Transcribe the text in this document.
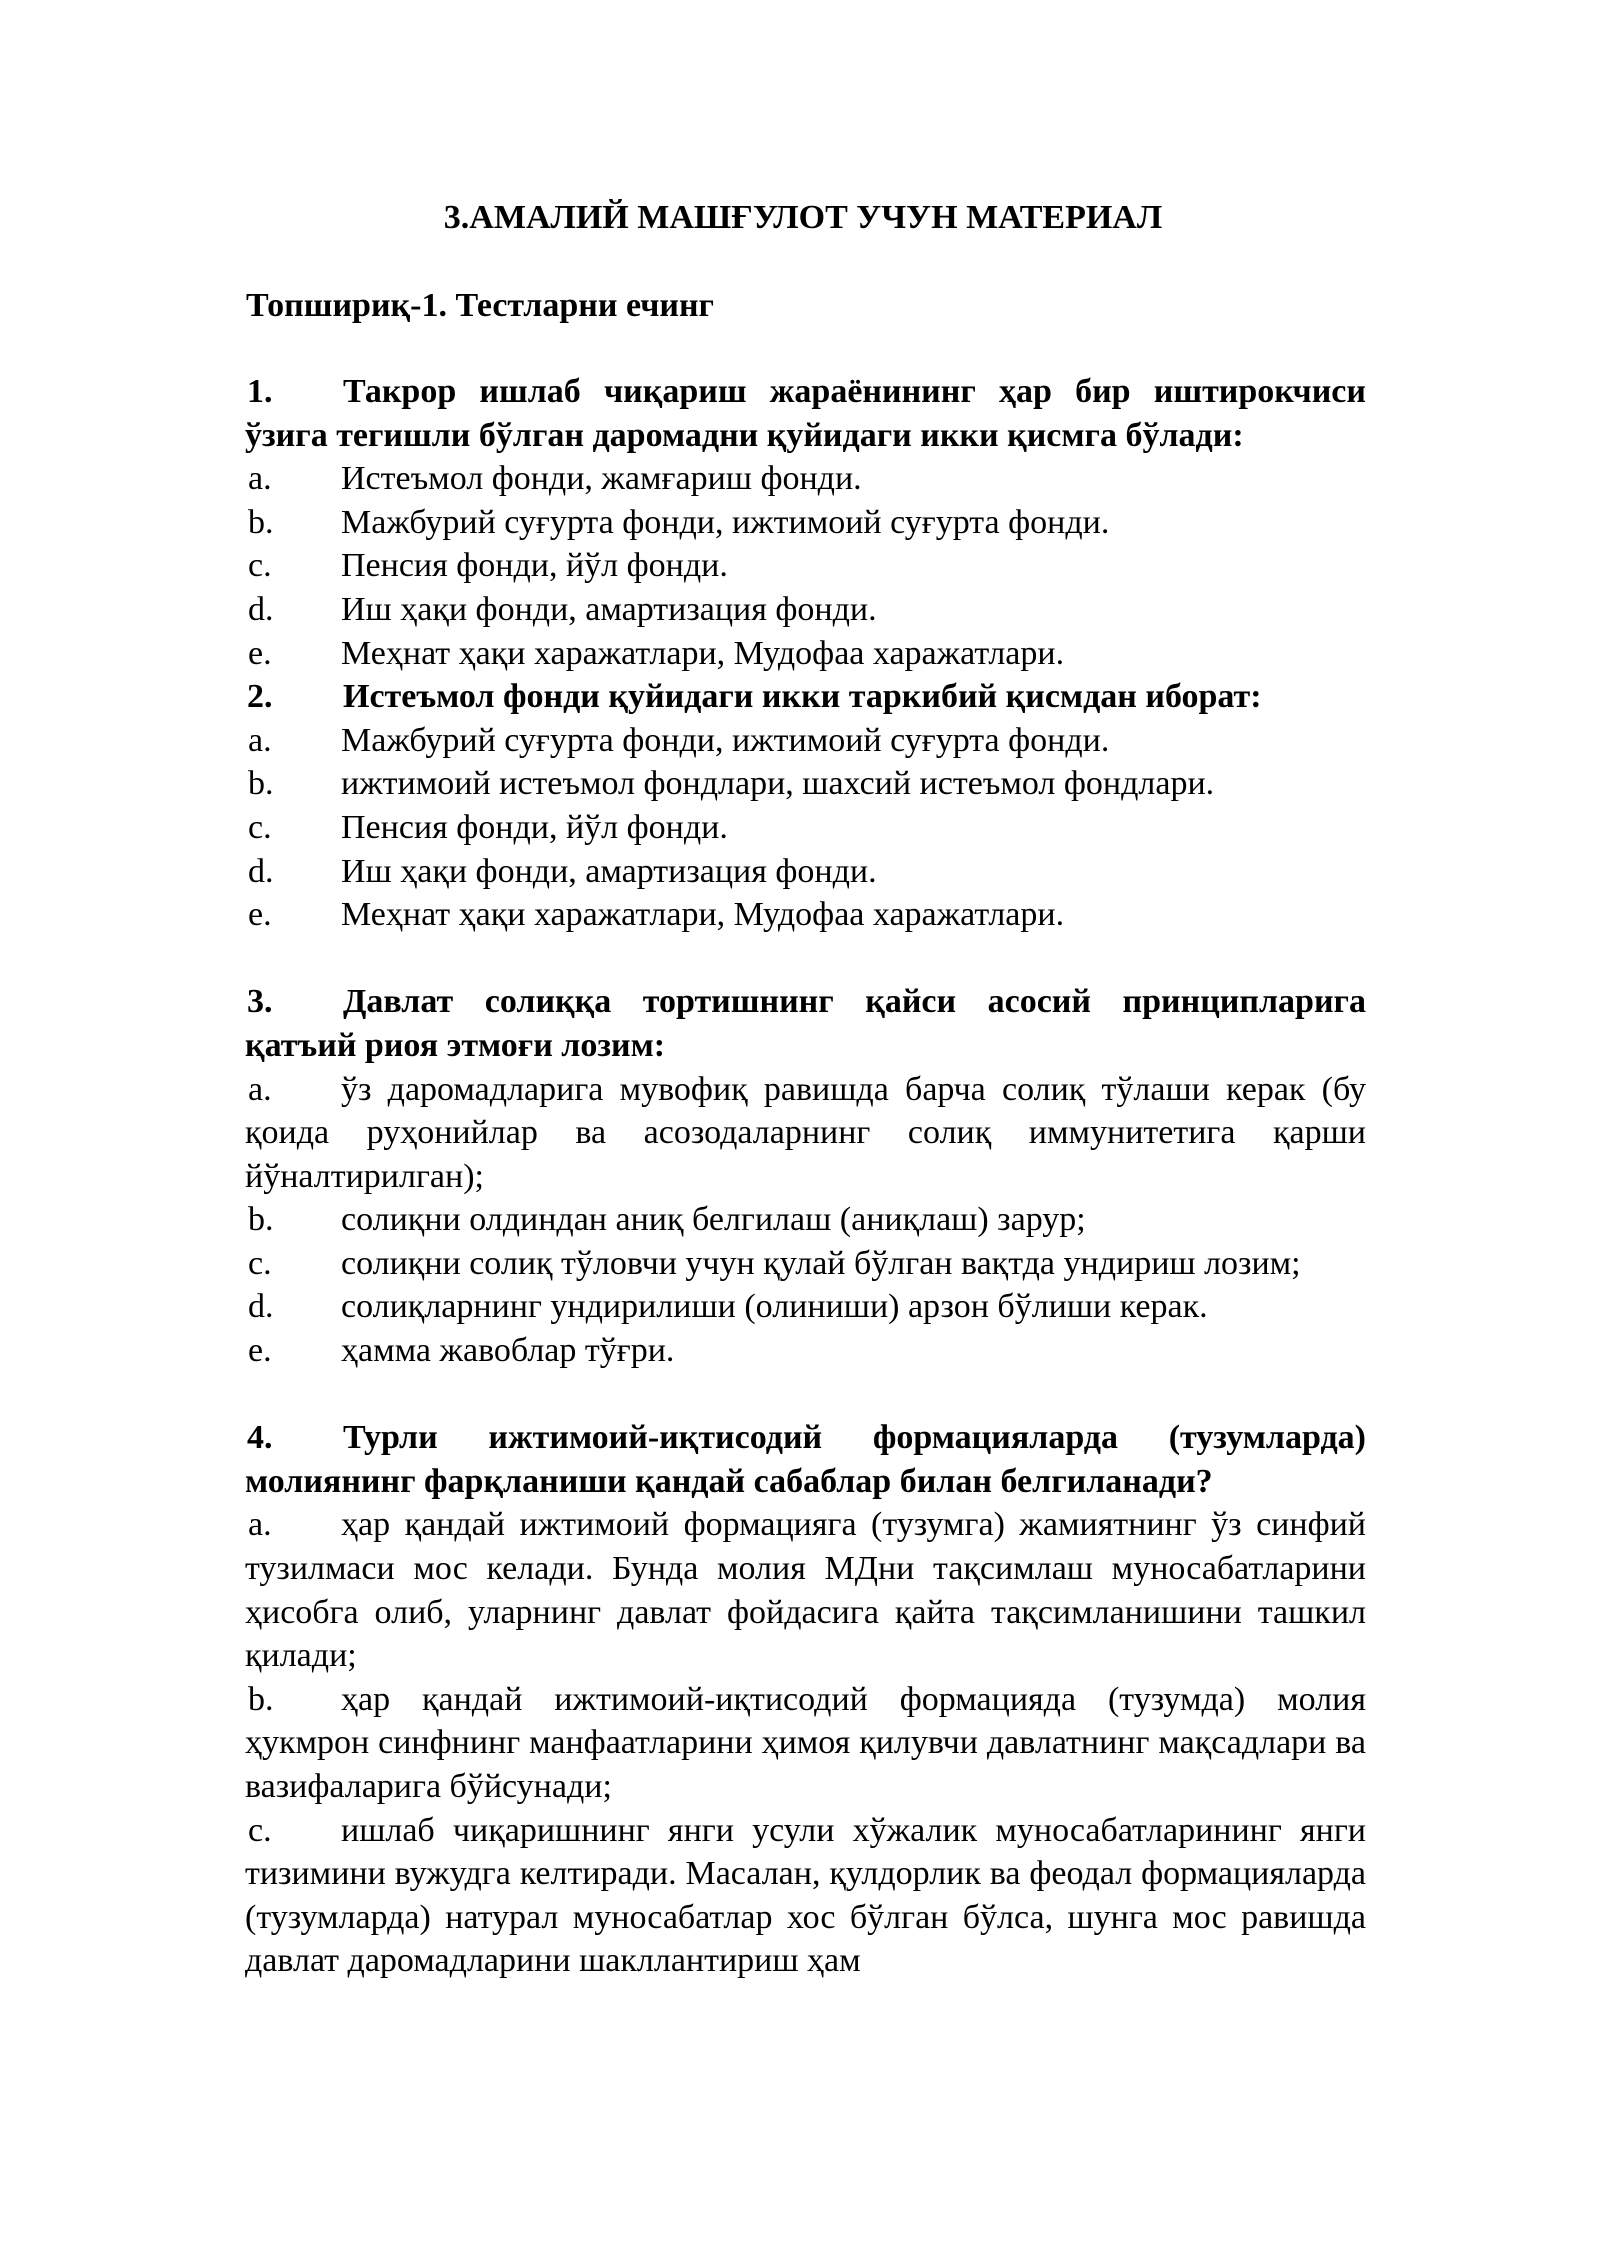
3.АМАЛИЙ МАШҒУЛОТ УЧУН МАТЕРИАЛ

Топшириқ-1. Тестларни ечинг

1. Такрор ишлаб чиқариш жараёнининг ҳар бир иштирокчиси ўзига тегишли бўлган даромадни қуйидаги икки қисмга бўлади:

a. Истеъмол фонди, жамғариш фонди.

b. Мажбурий суғурта фонди, ижтимоий суғурта фонди.

c. Пенсия фонди, йўл фонди.

d. Иш ҳақи фонди, амартизация фонди.

e. Меҳнат ҳақи харажатлари, Мудофаа харажатлари.

2. Истеъмол фонди қуйидаги икки таркибий қисмдан иборат:

a. Мажбурий суғурта фонди, ижтимоий суғурта фонди.

b. ижтимоий истеъмол фондлари, шахсий истеъмол фондлари.

c. Пенсия фонди, йўл фонди.

d. Иш ҳақи фонди, амартизация фонди.

e. Меҳнат ҳақи харажатлари, Мудофаа харажатлари.

3. Давлат солиққа тортишнинг қайси асосий принципларига қатъий риоя этмоғи лозим:

a. ўз даромадларига мувофиқ равишда барча солиқ тўлаши керак (бу қоида руҳонийлар ва асозодаларнинг солиқ иммунитетига қарши йўналтирилган);

b. солиқни олдиндан аниқ белгилаш (аниқлаш) зарур;

c. солиқни солиқ тўловчи учун қулай бўлган вақтда ундириш лозим;

d. солиқларнинг ундирилиши (олиниши) арзон бўлиши керак.

e. ҳамма жавоблар тўғри.

4. Турли ижтимоий-иқтисодий формацияларда (тузумларда) молиянинг фарқланиши қандай сабаблар билан белгиланади?

a. ҳар қандай ижтимоий формацияга (тузумга) жамиятнинг ўз синфий тузилмаси мос келади. Бунда молия МДни тақсимлаш муносабатларини ҳисобга олиб, уларнинг давлат фойдасига қайта тақсимланишини ташкил қилади;

b. ҳар қандай ижтимоий-иқтисодий формацияда (тузумда) молия ҳукмрон синфнинг манфаатларини ҳимоя қилувчи давлатнинг мақсадлари ва вазифаларига бўйсунади;

c. ишлаб чиқаришнинг янги усули хўжалик муносабатларининг янги тизимини вужудга келтиради. Масалан, қулдорлик ва феодал формацияларда (тузумларда) натурал муносабатлар хос бўлган бўлса, шунга мос равишда давлат даромадларини шакллантириш ҳам
